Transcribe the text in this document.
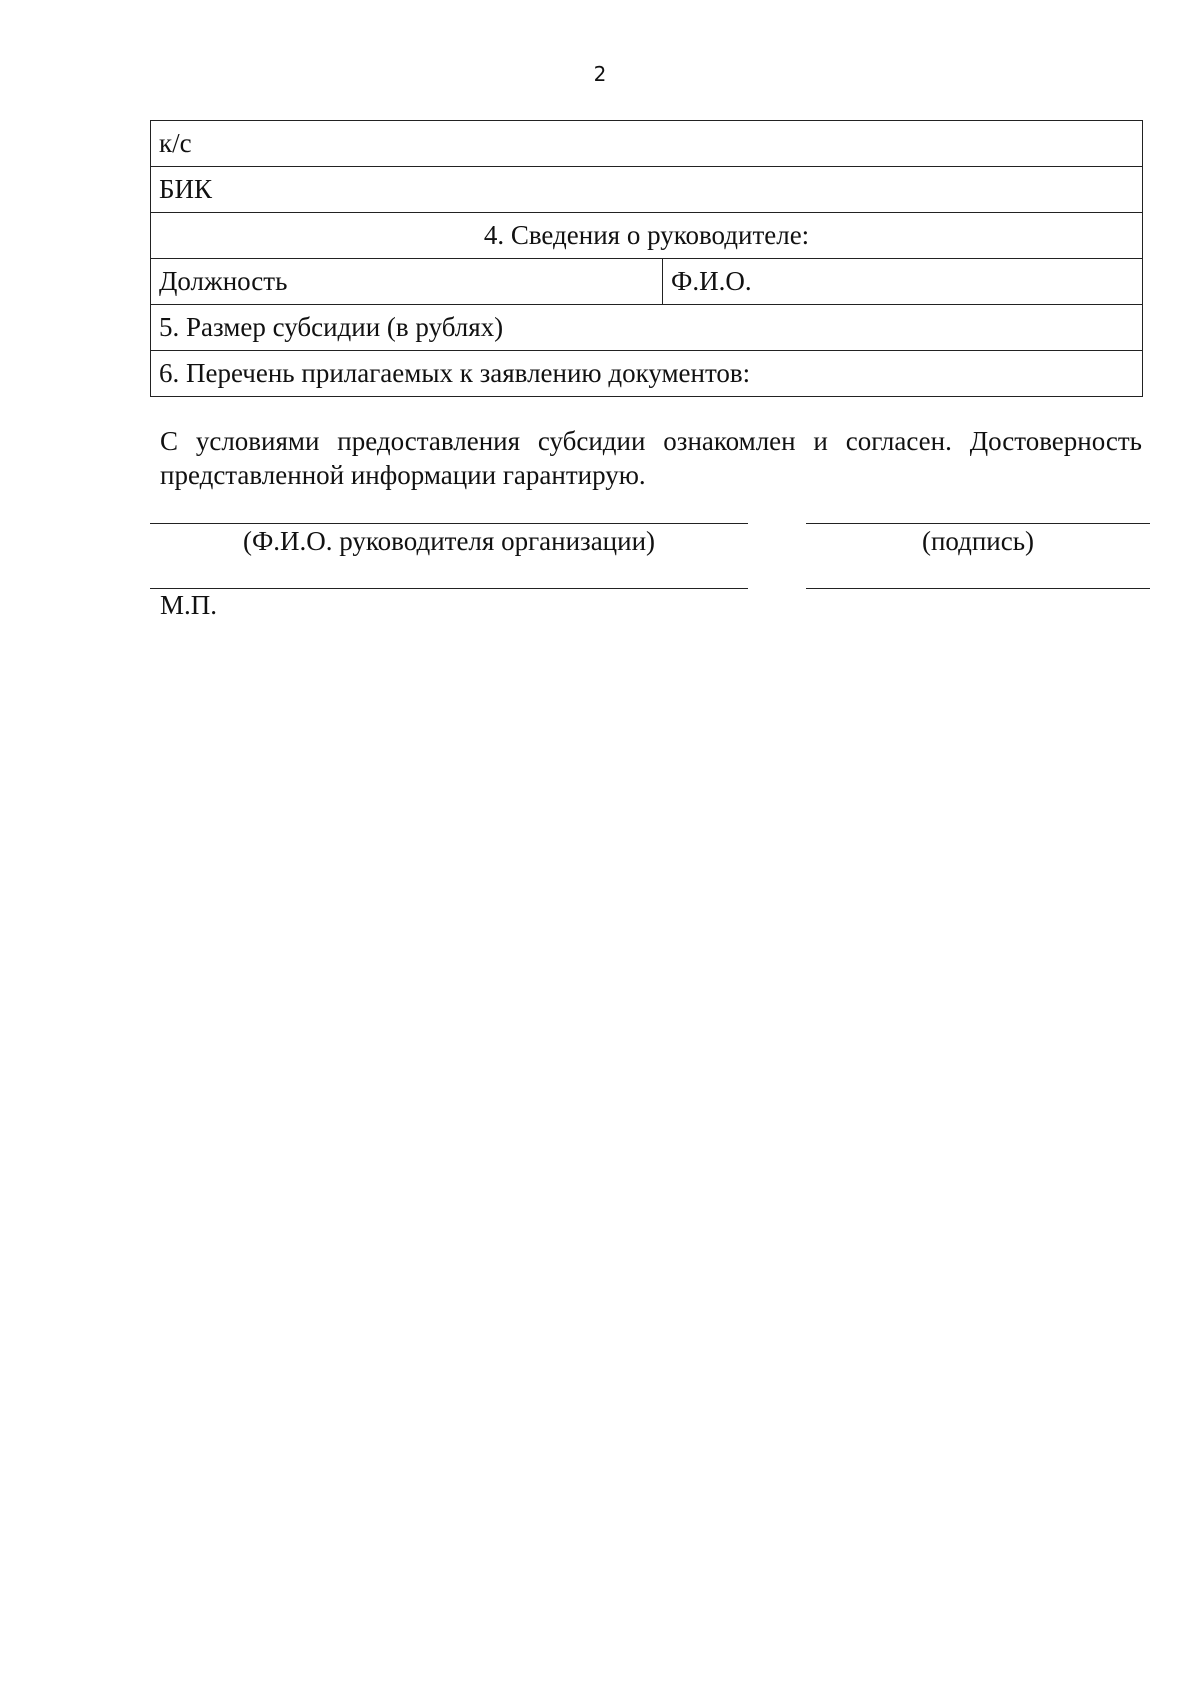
2
к/с
БИК
4. Сведения о руководителе:
Должность	Ф.И.О.
5. Размер субсидии (в рублях)
6. Перечень прилагаемых к заявлению документов:
С условиями предоставления субсидии ознакомлен и согласен. Достоверность представленной информации гарантирую.
(Ф.И.О. руководителя организации)	(подпись)
М.П.
